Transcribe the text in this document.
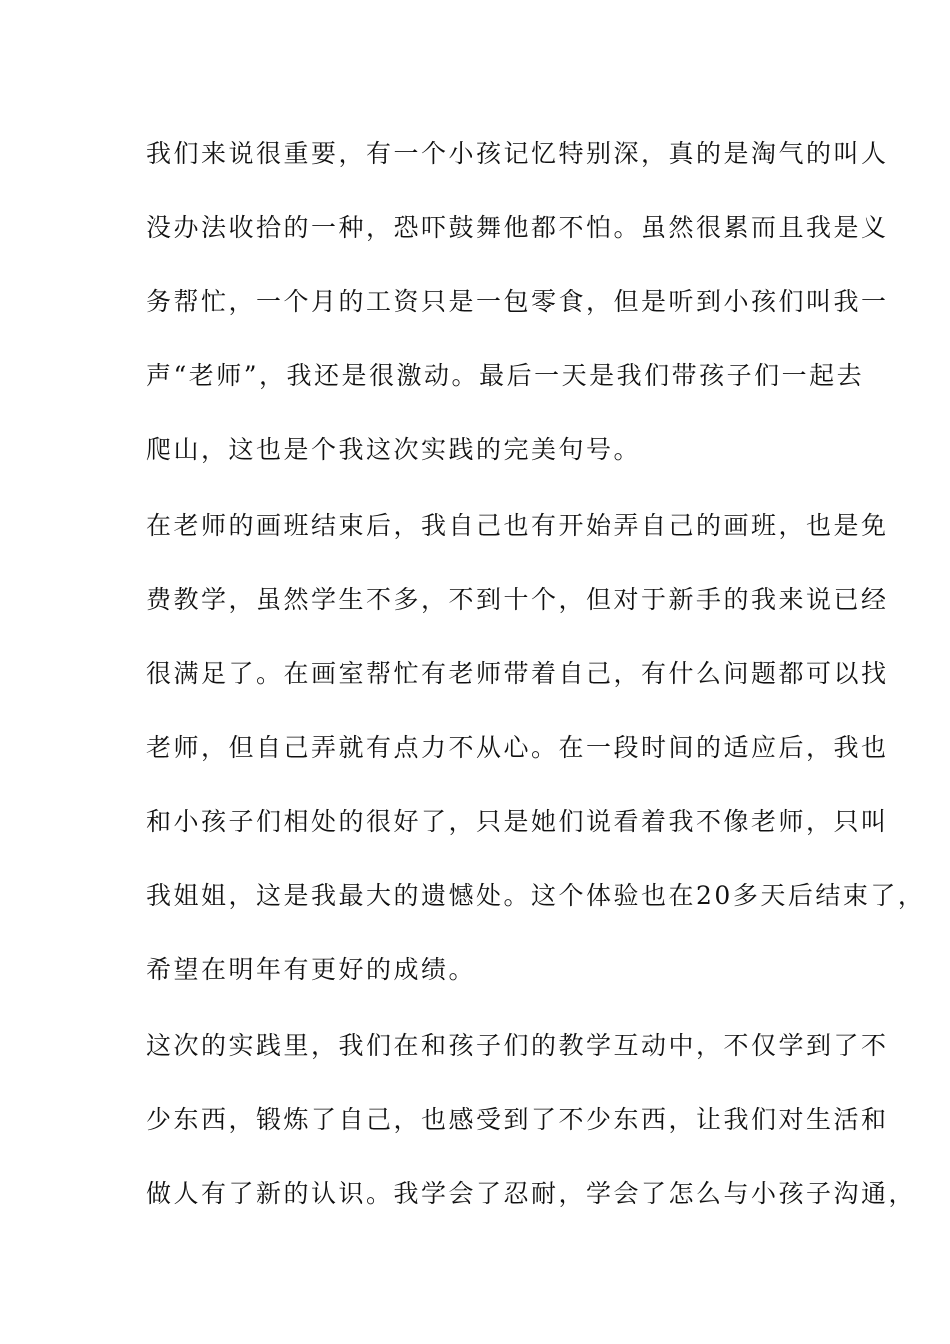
我们来说很重要，有一个小孩记忆特别深，真的是淘气的叫人
没办法收拾的一种，恐吓鼓舞他都不怕。虽然很累而且我是义
务帮忙，一个月的工资只是一包零食，但是听到小孩们叫我一
声“老师”，我还是很激动。最后一天是我们带孩子们一起去
爬山，这也是个我这次实践的完美句号。
在老师的画班结束后，我自己也有开始弄自己的画班，也是免
费教学，虽然学生不多，不到十个，但对于新手的我来说已经
很满足了。在画室帮忙有老师带着自己，有什么问题都可以找
老师，但自己弄就有点力不从心。在一段时间的适应后，我也
和小孩子们相处的很好了，只是她们说看着我不像老师，只叫
我姐姐，这是我最大的遗憾处。这个体验也在20多天后结束了，
希望在明年有更好的成绩。
这次的实践里，我们在和孩子们的教学互动中，不仅学到了不
少东西，锻炼了自己，也感受到了不少东西，让我们对生活和
做人有了新的认识。我学会了忍耐，学会了怎么与小孩子沟通，
